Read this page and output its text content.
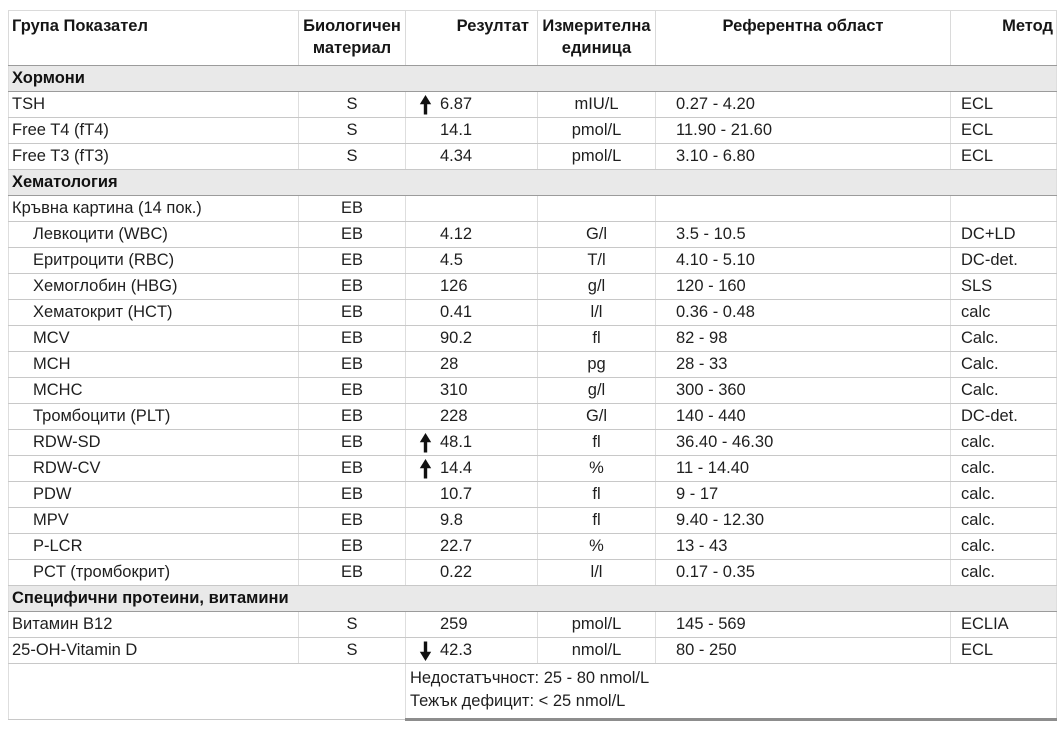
Група Показател	Биологичен материал	Резултат	Измерителна единица	Референтна област	Метод
Хормони					
TSH	S	6.87	mIU/L	0.27 - 4.20	ECL
Free T4 (fT4)	S	14.1	pmol/L	11.90 - 21.60	ECL
Free T3 (fT3)	S	4.34	pmol/L	3.10 - 6.80	ECL
Хематология					
Кръвна картина (14 пок.)	EB	

Левкоцити (WBC)	EB	4.12	G/l	3.5 - 10.5	DC+LD
Еритроцити (RBC)	EB	4.5	T/l	4.10 - 5.10	DC-det.
Хемоглобин (HBG)	EB	126	g/l	120 - 160	SLS
Хематокрит (HCT)	EB	0.41	l/l	0.36 - 0.48	calc
MCV	EB	90.2	fl	82 - 98	Calc.
MCH	EB	28	pg	28 - 33	Calc.
MCHC	EB	310	g/l	300 - 360	Calc.
Тромбоцити (PLT)	EB	228	G/l	140 - 440	DC-det.
RDW-SD	EB	48.1	fl	36.40 - 46.30	calc.
RDW-CV	EB	14.4	%	11 - 14.40	calc.
PDW	EB	10.7	fl	9 - 17	calc.
MPV	EB	9.8	fl	9.40 - 12.30	calc.
P-LCR	EB	22.7	%	13 - 43	calc.
PCT (тромбокрит)	EB	0.22	l/l	0.17 - 0.35	calc.
Специфични протеини, витамини					
Витамин B12	S	259	pmol/L	145 - 569	ECLIA
25-OH-Vitamin D	S	42.3	nmol/L	80 - 250	ECL

		Недостатъчност: 25 - 80 nmol/L
Тежък дефицит: < 25 nmol/L			
